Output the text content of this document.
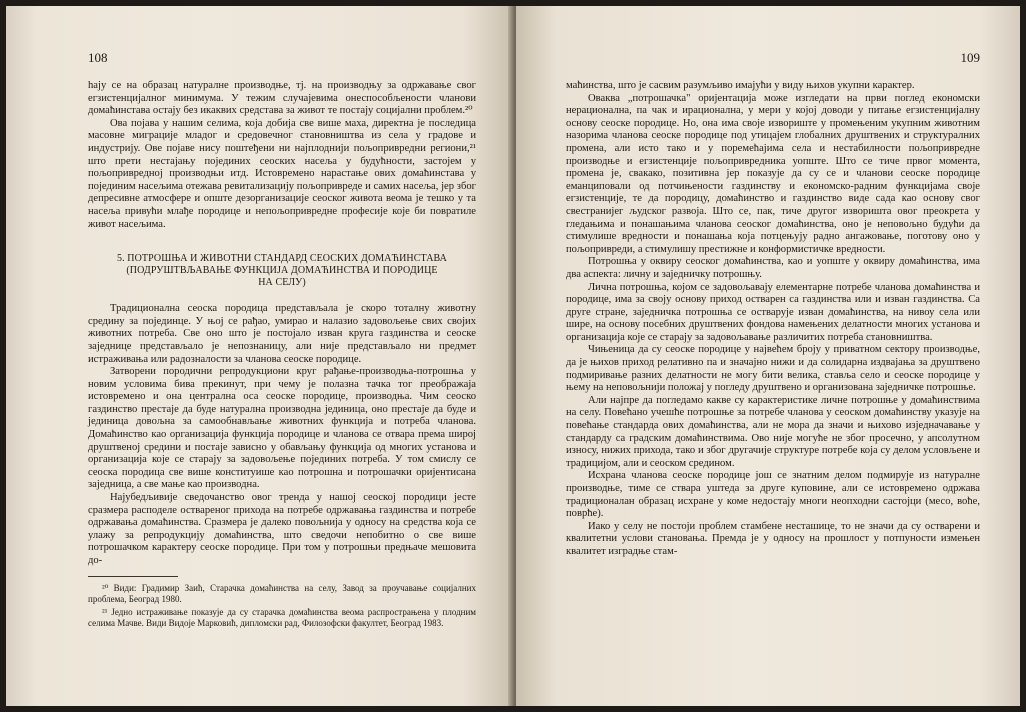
108

hajу се на образац натуралне производње, тј. на производњу за одржавање свог егзистенцијалног минимума. У тежим случајевима онеспособљености чланови домаћинстава остају без икаквих средстава за живот те постају социјални проблем.²⁰

Ова појава у нашим селима, која добија све више маха, директна је последица масовне миграције младог и средовечног становништва из села у градове и индустрију. Ове појаве нису поштеђени ни најплоднији пољопривредни региони,²¹ што прети нестајању појединих сеоских насеља у будућности, застојем у пољопривредној производњи итд. Истовремено нарастање ових домаћинстава у појединим насељима отежава ревитализацију пољопривреде и самих насеља, јер због депресивне атмосфере и опште дезорганизације сеоског живота веома је тешко у та насеља привући млађе породице и непољопривредне професије које би повратиле живот насељима.

5. ПОТРОШЊА И ЖИВОТНИ СТАНДАРД СЕОСКИХ ДОМАЋИНСТАВА
(ПОДРУШТВЉАВАЊЕ ФУНКЦИЈА ДОМАЋИНСТВА И ПОРОДИЦЕ
НА СЕЛУ)

Традиционална сеоска породица представљала је скоро тоталну животну средину за појединце. У њој се рађао, умирао и налазио задовољење свих својих животних потреба. Све оно што је постојало изван круга газдинства и сеоске заједнице представљало је непознаницу, али није представљало ни предмет истраживања или радозналости за чланова сеоске породице.

Затворени породични репродукциони круг рађање-производња-потрошња у новим условима бива прекинут, при чему је полазна тачка тог преображаја истовремено и она централна оса сеоске породице, производња. Чим сеоско газдинство престаје да буде натурална производна јединица, оно престаје да буде и јединица довољна за самообнављање животних функција и потреба чланова. Домаћинство као организација функција породице и чланова се отвара према широј друштвеној средини и постаје зависно у обављању функција од многих установа и организација које се старају за задовољење појединих потреба. У том смислу се сеоска породица све више конституише као потрошна и потрошачки оријентисана заједница, а све мање као производна.

Најубедљивије сведочанство овог тренда у нашој сеоској породици јесте сразмера расподеле оствареног прихода на потребе одржавања газдинства и потребе одржавања домаћинства. Сразмера је далеко повољнија у односу на средства која се улажу за репродукцију домаћинства, што сведочи непобитно о све више потрошачком карактеру сеоске породице. При том у потрошњи предњаче мешовита до-

²⁰ Види: Градимир Заић, Старачка домаћинства на селу, Завод за проучавање социјалних проблема, Београд 1980.

²¹ Једно истраживање показује да су старачка домаћинства веома распрострањена у плодним селима Мачве. Види Видоје Марковић, дипломски рад, Филозофски факултет, Београд 1983.

109

маћинства, што је сасвим разумљиво имајући у виду њихов укупни карактер.

Оваква „потрошачка" оријентација може изгледати на први поглед економски нерационална, па чак и ирационална, у мери у којој доводи у питање егзистенцијалну основу сеоске породице. Но, она има своје извориште у промењеним укупним животним назорима чланова сеоске породице под утицајем глобалних друштвених и структуралних промена, али исто тако и у поремећајима села и нестабилности пољопривредне производње и егзистенције пољопривредника уопште. Што се тиче првог момента, промена је, свакако, позитивна јер показује да су се и чланови сеоске породице еманциповали од потчињености газдинству и економско-радним функцијама своје егзистенције, те да породицу, домаћинство и газдинство виде сада као основу свог свестранијег људског развоја. Што се, пак, тиче другог изворишта овог преокрета у гледањима и понашањима чланова сеоског домаћинства, оно је неповољно будући да стимулише вредности и понашања која потцењују радно ангажовање, поготову оно у пољопривреди, а стимулишу престижне и конформистичке вредности.

Потрошња у оквиру сеоског домаћинства, као и уопште у оквиру домаћинства, има два аспекта: личну и заједничку потрошњу.

Лична потрошња, којом се задовољавају елементарне потребе чланова домаћинства и породице, има за своју основу приход остварен са газдинства или и изван газдинства. Са друге стране, заједничка потрошња се остварује изван домаћинства, на нивоу села или шире, на основу посебних друштвених фондова намењених делатности многих установа и организација које се старају за задовољавање различитих потреба становништва.

Чињеница да су сеоске породице у највећем броју у приватном сектору производње, да је њихов приход релативно па и значајно нижи и да солидарна издвајања за друштвено подмиривање разних делатности не могу бити велика, ставља село и сеоске породице у њему на неповољнији положај у погледу друштвено и организована заједничке потрошње.

Али најпре да погледамо какве су карактеристике личне потрошње у домаћинствима на селу. Повећано учешће потрошње за потребе чланова у сеоском домаћинству указује на повећање стандарда ових домаћинства, али не мора да значи и њихово изједначавање у стандарду са градским домаћинствима. Ово није могуће не због просечно, у апсолутном износу, нижих прихода, тако и због другачије структуре потребе која су делом условљене и традицијом, али и сеоском средином.

Исхрана чланова сеоске породице још се знатним делом подмирује из натуралне производње, тиме се ствара уштеда за друге куповине, али се истовремено одржава традиционалан образац исхране у коме недостају многи неопходни састојци (месо, воће, поврће).

Иако у селу не постоји проблем стамбене несташице, то не значи да су остварени и квалитетни услови становања. Премда је у односу на прошлост у потпуности измењен квалитет изградње стам-
